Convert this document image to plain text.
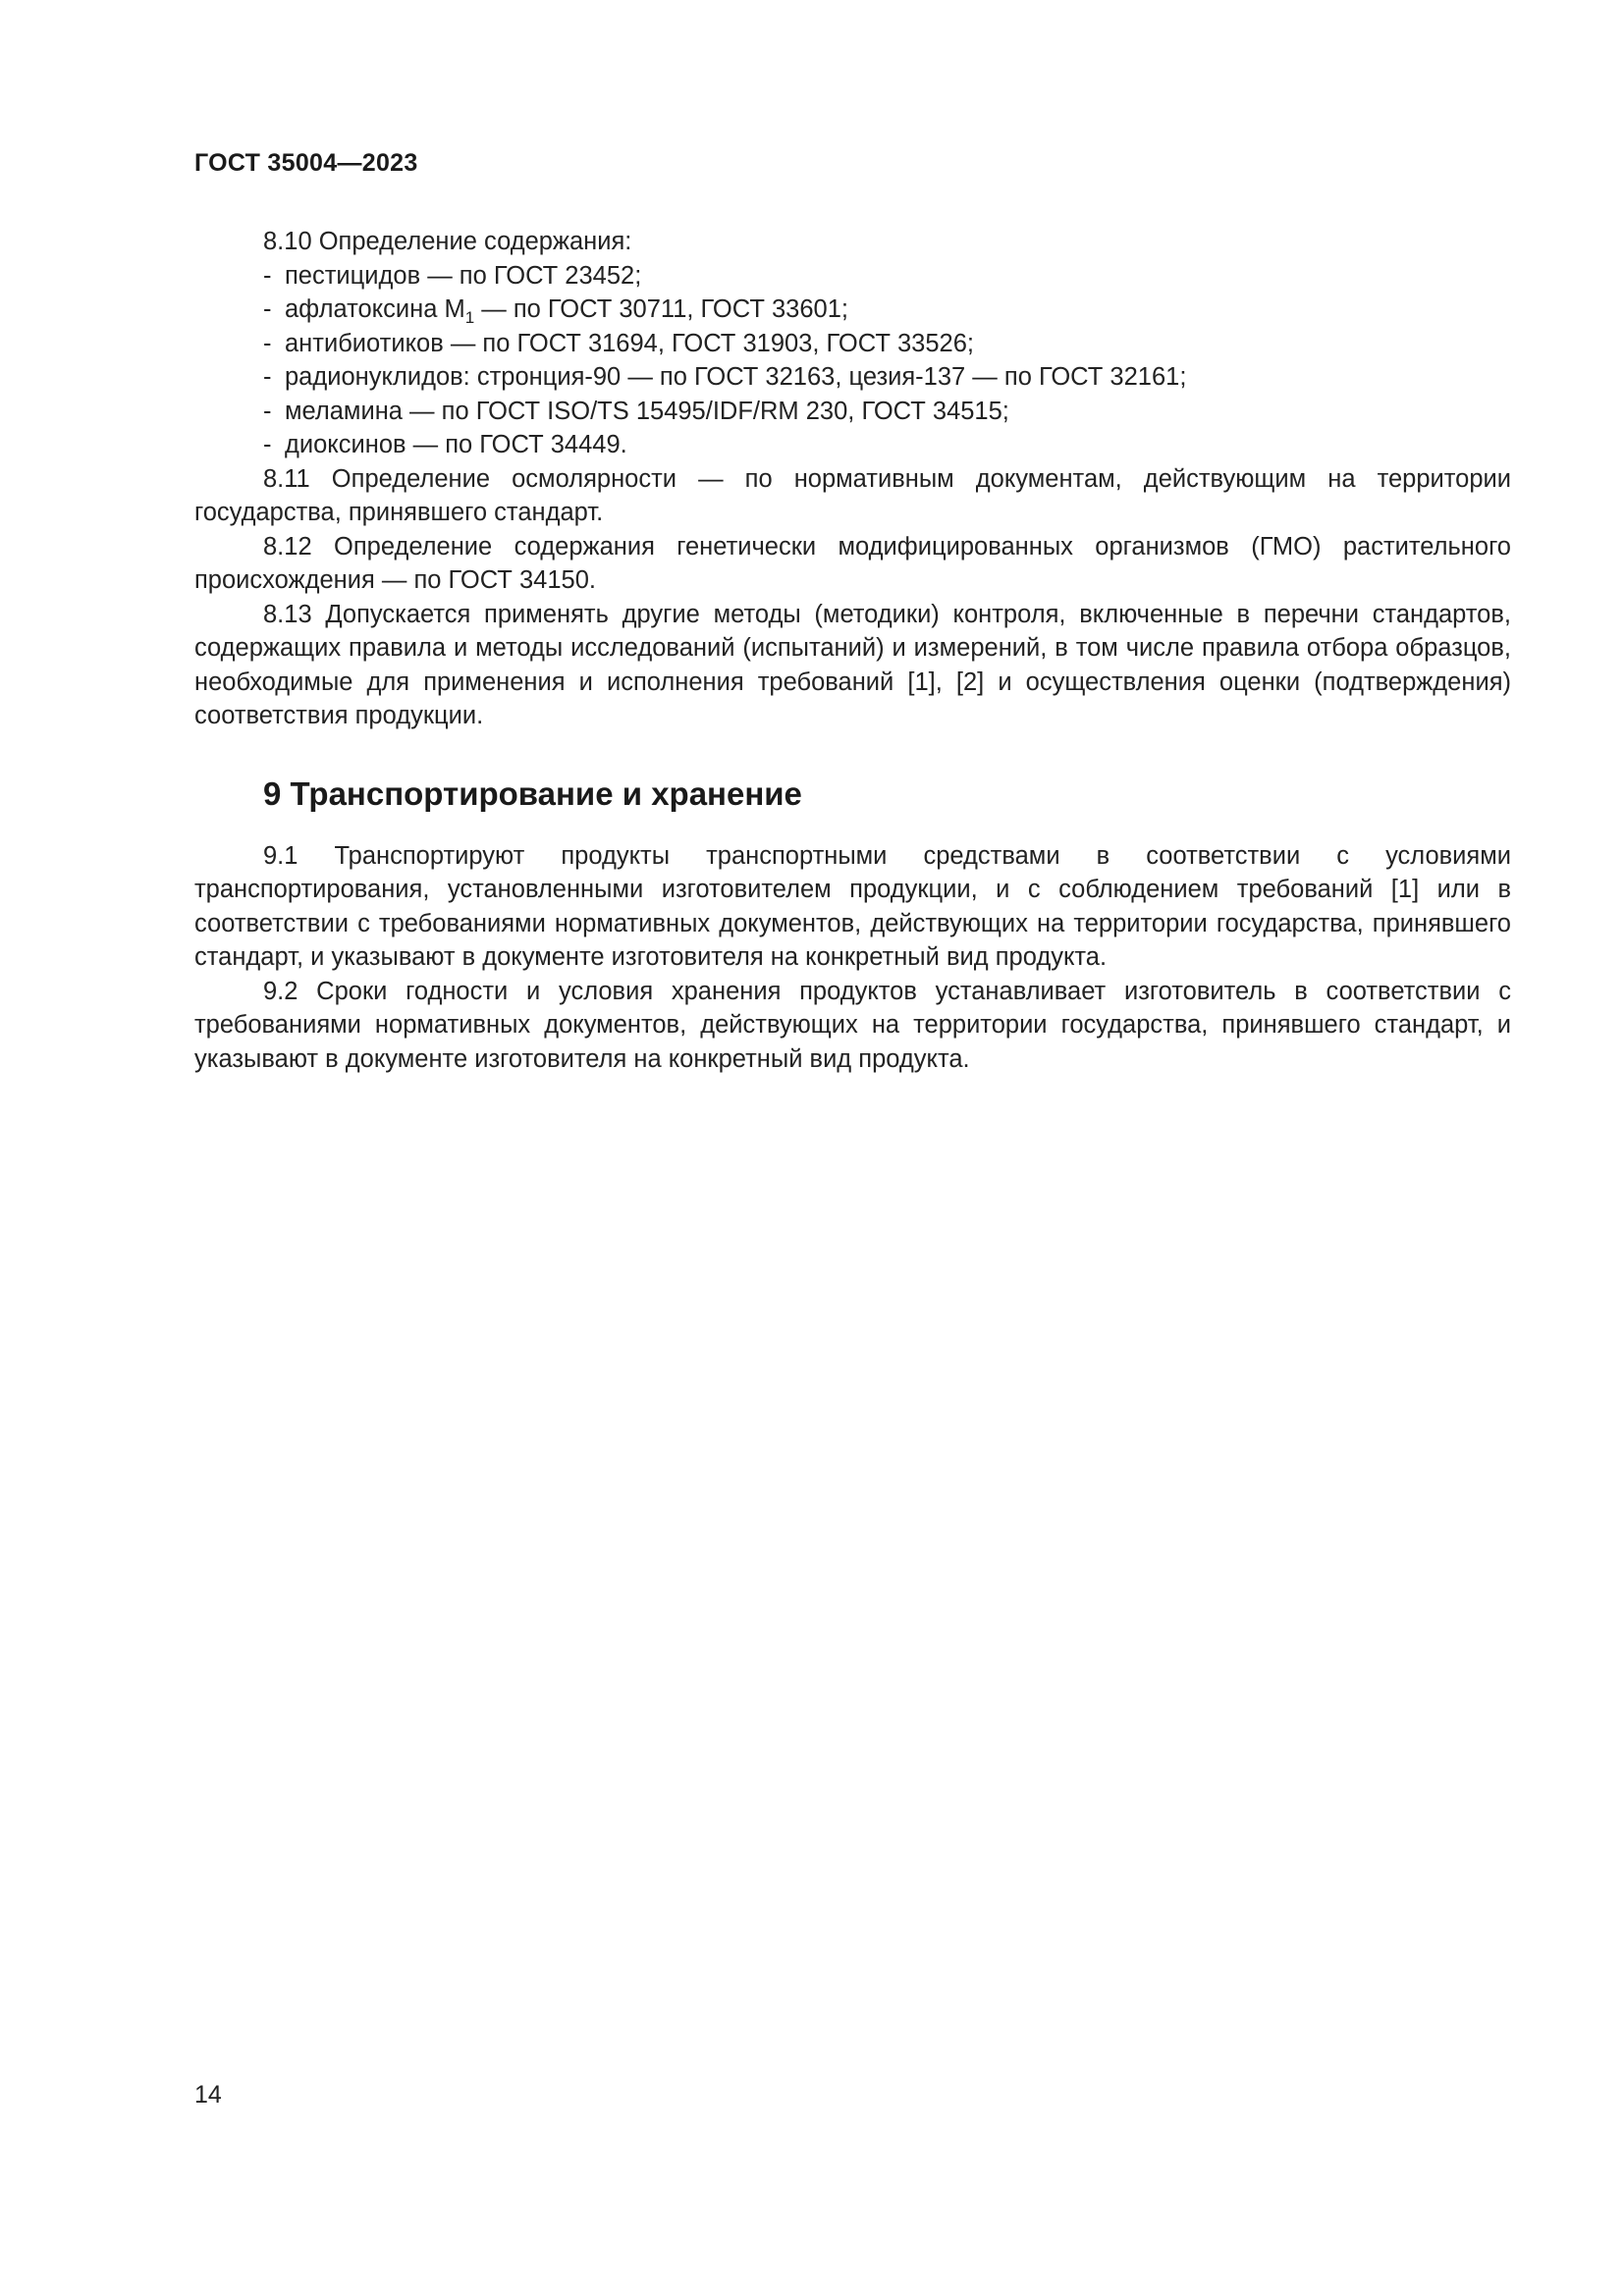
ГОСТ 35004—2023

8.10 Определение содержания:

- пестицидов — по ГОСТ 23452;

- афлатоксина $М_1$ — по ГОСТ 30711, ГОСТ 33601;

- антибиотиков — по ГОСТ 31694, ГОСТ 31903, ГОСТ 33526;

- радионуклидов: стронция-90 — по ГОСТ 32163, цезия-137 — по ГОСТ 32161;

- меламина — по ГОСТ ISO/TS 15495/IDF/RM 230, ГОСТ 34515;

- диоксинов — по ГОСТ 34449.

8.11 Определение осмолярности — по нормативным документам, действующим на территории государства, принявшего стандарт.

8.12 Определение содержания генетически модифицированных организмов (ГМО) растительного происхождения — по ГОСТ 34150.

8.13 Допускается применять другие методы (методики) контроля, включенные в перечни стандартов, содержащих правила и методы исследований (испытаний) и измерений, в том числе правила отбора образцов, необходимые для применения и исполнения требований [1], [2] и осуществления оценки (подтверждения) соответствия продукции.

9 Транспортирование и хранение

9.1 Транспортируют продукты транспортными средствами в соответствии с условиями транспортирования, установленными изготовителем продукции, и с соблюдением требований [1] или в соответствии с требованиями нормативных документов, действующих на территории государства, принявшего стандарт, и указывают в документе изготовителя на конкретный вид продукта.

9.2 Сроки годности и условия хранения продуктов устанавливает изготовитель в соответствии с требованиями нормативных документов, действующих на территории государства, принявшего стандарт, и указывают в документе изготовителя на конкретный вид продукта.

14
